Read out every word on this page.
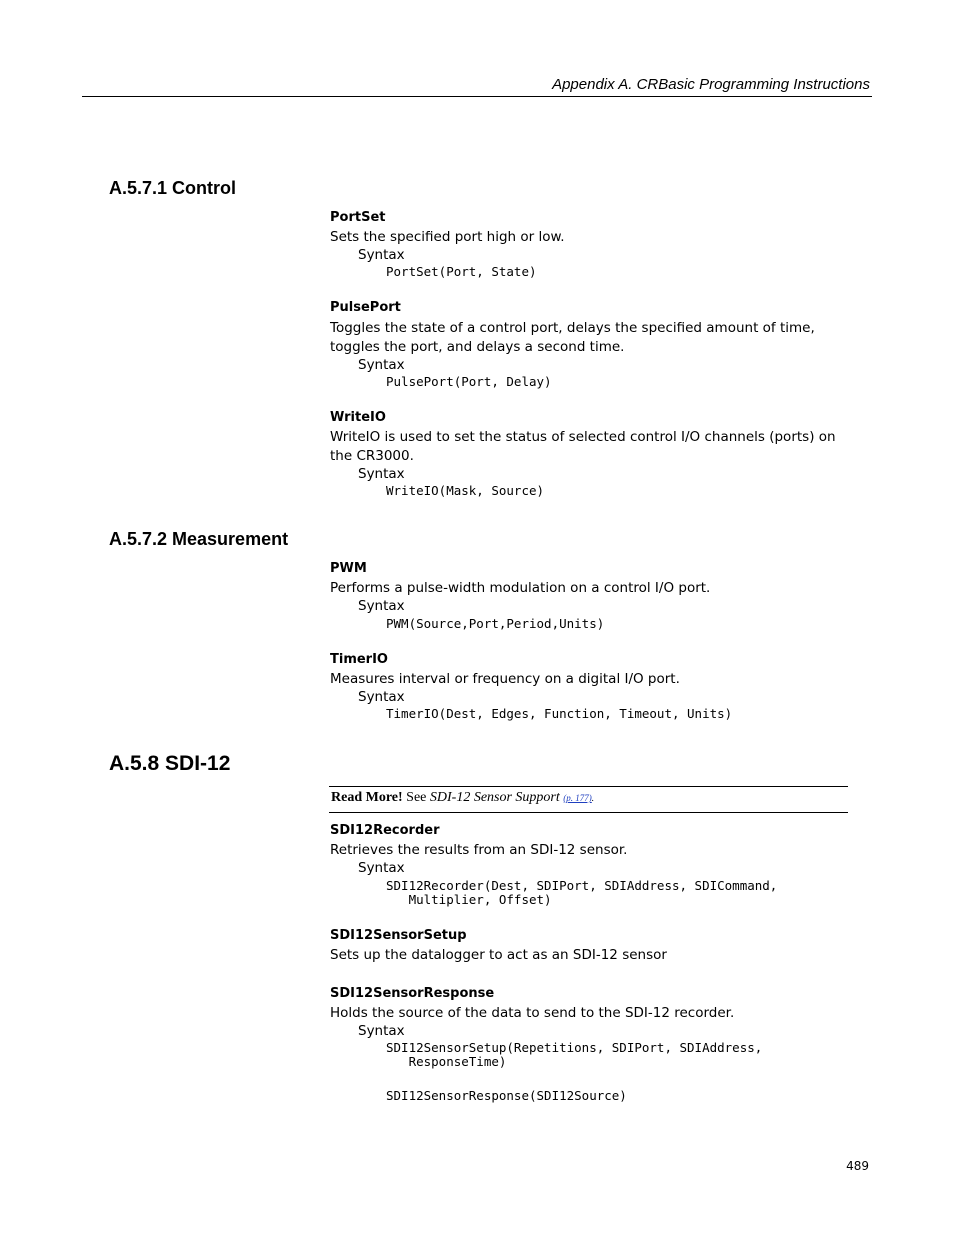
Appendix A. CRBasic Programming Instructions
A.5.7.1 Control
PortSet
Sets the specified port high or low.
Syntax
PortSet(Port, State)
PulsePort
Toggles the state of a control port, delays the specified amount of time, toggles the port, and delays a second time.
Syntax
PulsePort(Port, Delay)
WriteIO
WriteIO is used to set the status of selected control I/O channels (ports) on the CR3000.
Syntax
WriteIO(Mask, Source)
A.5.7.2 Measurement
PWM
Performs a pulse-width modulation on a control I/O port.
Syntax
PWM(Source,Port,Period,Units)
TimerIO
Measures interval or frequency on a digital I/O port.
Syntax
TimerIO(Dest, Edges, Function, Timeout, Units)
A.5.8 SDI-12
Read More! See SDI-12 Sensor Support (p. 177).
SDI12Recorder
Retrieves the results from an SDI-12 sensor.
Syntax
SDI12Recorder(Dest, SDIPort, SDIAddress, SDICommand,
Multiplier, Offset)
SDI12SensorSetup
Sets up the datalogger to act as an SDI-12 sensor
SDI12SensorResponse
Holds the source of the data to send to the SDI-12 recorder.
Syntax
SDI12SensorSetup(Repetitions, SDIPort, SDIAddress,
ResponseTime)
SDI12SensorResponse(SDI12Source)
489
